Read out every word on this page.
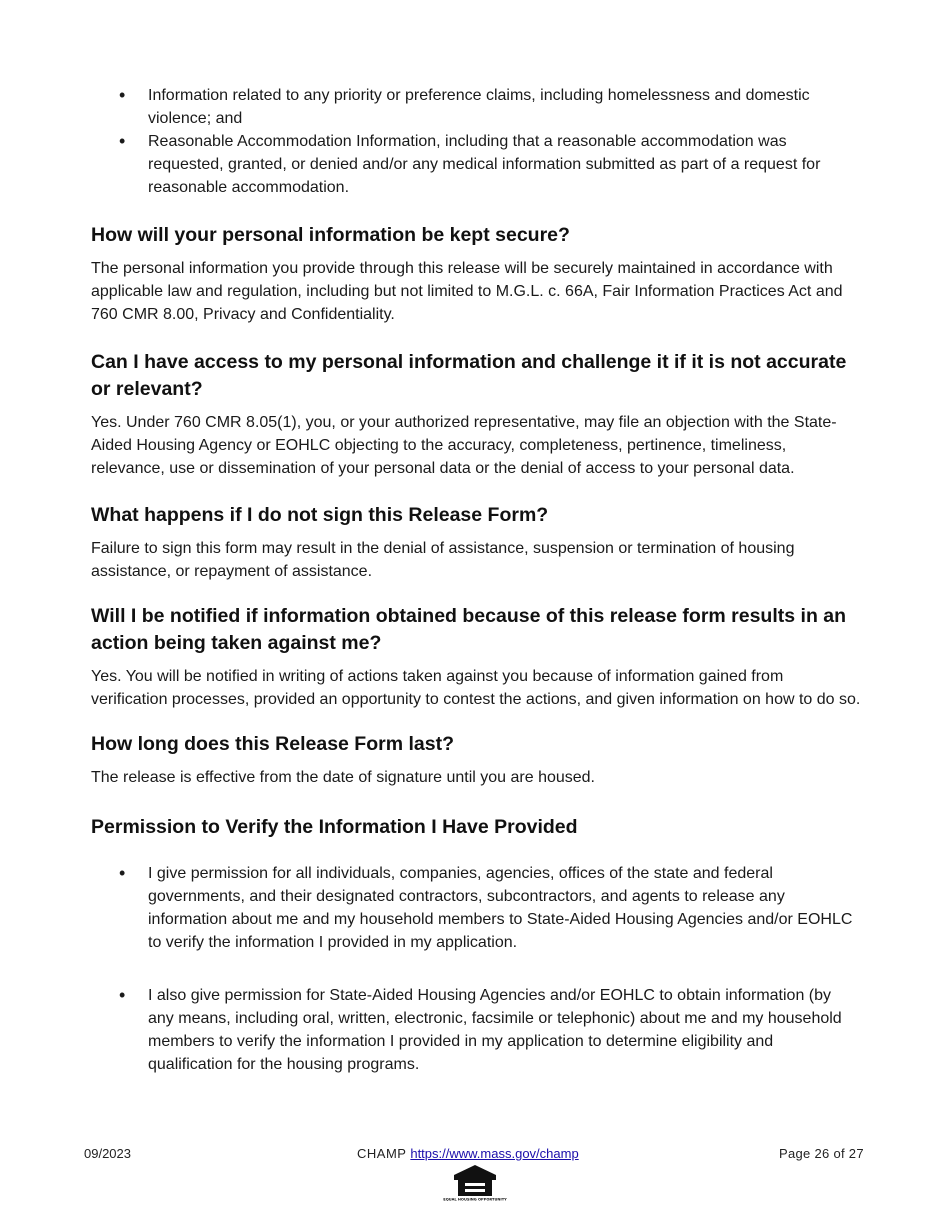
• Information related to any priority or preference claims, including homelessness and domestic violence; and
• Reasonable Accommodation Information, including that a reasonable accommodation was requested, granted, or denied and/or any medical information submitted as part of a request for reasonable accommodation.
How will your personal information be kept secure?

The personal information you provide through this release will be securely maintained in accordance with applicable law and regulation, including but not limited to M.G.L. c. 66A, Fair Information Practices Act and 760 CMR 8.00, Privacy and Confidentiality.

Can I have access to my personal information and challenge it if it is not accurate or relevant?

Yes. Under 760 CMR 8.05(1), you, or your authorized representative, may file an objection with the State-Aided Housing Agency or EOHLC objecting to the accuracy, completeness, pertinence, timeliness, relevance, use or dissemination of your personal data or the denial of access to your personal data.

What happens if I do not sign this Release Form?

Failure to sign this form may result in the denial of assistance, suspension or termination of housing assistance, or repayment of assistance.

Will I be notified if information obtained because of this release form results in an action being taken against me?

Yes. You will be notified in writing of actions taken against you because of information gained from verification processes, provided an opportunity to contest the actions, and given information on how to do so.

How long does this Release Form last?

The release is effective from the date of signature until you are housed.

Permission to Verify the Information I Have Provided
• I give permission for all individuals, companies, agencies, offices of the state and federal governments, and their designated contractors, subcontractors, and agents to release any information about me and my household members to State-Aided Housing Agencies and/or EOHLC to verify the information I provided in my application.
• I also give permission for State-Aided Housing Agencies and/or EOHLC to obtain information (by any means, including oral, written, electronic, facsimile or telephonic) about me and my household members to verify the information I provided in my application to determine eligibility and qualification for the housing programs.
09/2023	CHAMP https://www.mass.gov/champ	Page 26 of 27
EQUAL HOUSING OPPORTUNITY
